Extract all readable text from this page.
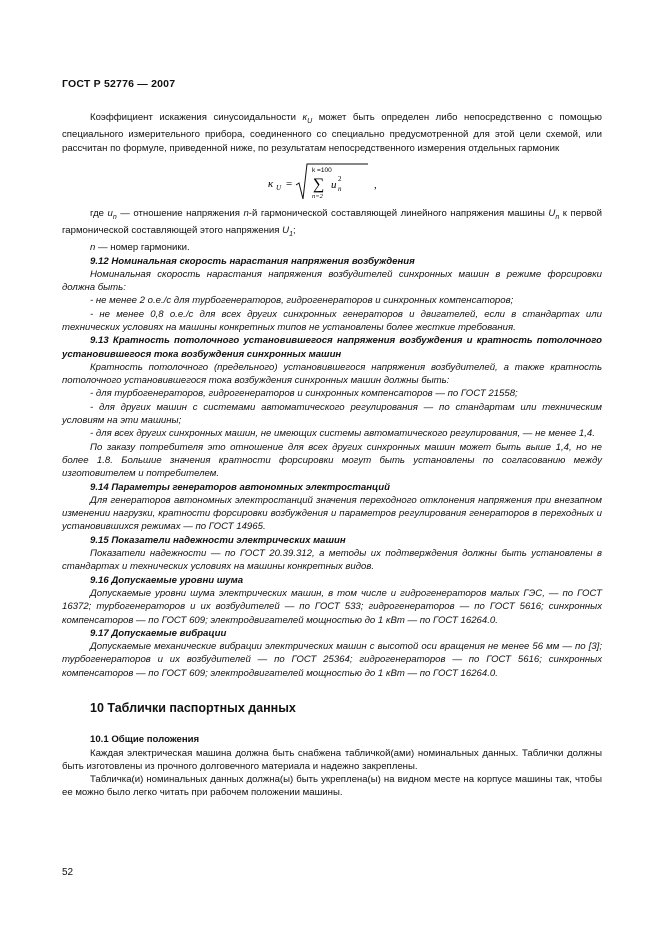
ГОСТ Р 52776 — 2007

Коэффициент искажения синусоидальности $к_U$ может быть определен либо непосредственно с помощью специального измерительного прибора, соединенного со специально предусмотренной для этой цели схемой, или рассчитан по формуле, приведенной ниже, по результатам непосредственного измерения отдельных гармоник

к U =
k =100
∑
n=2
u n
2	,

где $u_n$ — отношение напряжения n-й гармонической составляющей линейного напряжения машины $U_n$ к первой гармонической составляющей этого напряжения $U_1$;

n — номер гармоники.

9.12 Номинальная скорость нарастания напряжения возбуждения

Номинальная скорость нарастания напряжения возбудителей синхронных машин в режиме форсировки должна быть:

- не менее 2 о.е./с для турбогенераторов, гидрогенераторов и синхронных компенсаторов;

- не менее 0,8 о.е./с для всех других синхронных генераторов и двигателей, если в стандартах или технических условиях на машины конкретных типов не установлены более жесткие требования.

9.13 Кратность потолочного установившегося напряжения возбуждения и кратность потолочного установившегося тока возбуждения синхронных машин

Кратность потолочного (предельного) установившегося напряжения возбудителей, а также кратность потолочного установившегося тока возбуждения синхронных машин должны быть:

- для турбогенераторов, гидрогенераторов и синхронных компенсаторов — по ГОСТ 21558;

- для других машин с системами автоматического регулирования — по стандартам или техническим условиям на эти машины;

- для всех других синхронных машин, не имеющих системы автоматического регулирования, — не менее 1,4.

По заказу потребителя это отношение для всех других синхронных машин может быть выше 1,4, но не более 1.8. Большие значения кратности форсировки могут быть установлены по согласованию между изготовителем и потребителем.

9.14 Параметры генераторов автономных электростанций

Для генераторов автономных электростанций значения переходного отклонения напряжения при внезапном изменении нагрузки, кратности форсировки возбуждения и параметров регулирования генераторов в переходных и установившихся режимах — по ГОСТ 14965.

9.15 Показатели надежности электрических машин

Показатели надежности — по ГОСТ 20.39.312, а методы их подтверждения должны быть установлены в стандартах и технических условиях на машины конкретных видов.

9.16 Допускаемые уровни шума

Допускаемые уровни шума электрических машин, в том числе и гидрогенераторов малых ГЭС, — по ГОСТ 16372; турбогенераторов и их возбудителей — по ГОСТ 533; гидрогенераторов — по ГОСТ 5616; синхронных компенсаторов — по ГОСТ 609; электродвигателей мощностью до 1 кВт — по ГОСТ 16264.0.

9.17 Допускаемые вибрации

Допускаемые механические вибрации электрических машин с высотой оси вращения не менее 56 мм — по [3]; турбогенераторов и их возбудителей — по ГОСТ 25364; гидрогенераторов — по ГОСТ 5616; синхронных компенсаторов — по ГОСТ 609; электродвигателей мощностью до 1 кВт — по ГОСТ 16264.0.

10 Таблички паспортных данных

10.1 Общие положения

Каждая электрическая машина должна быть снабжена табличкой(ами) номинальных данных. Таблички должны быть изготовлены из прочного долговечного материала и надежно закреплены.

Табличка(и) номинальных данных должна(ы) быть укреплена(ы) на видном месте на корпусе машины так, чтобы ее можно было легко читать при рабочем положении машины.

52
